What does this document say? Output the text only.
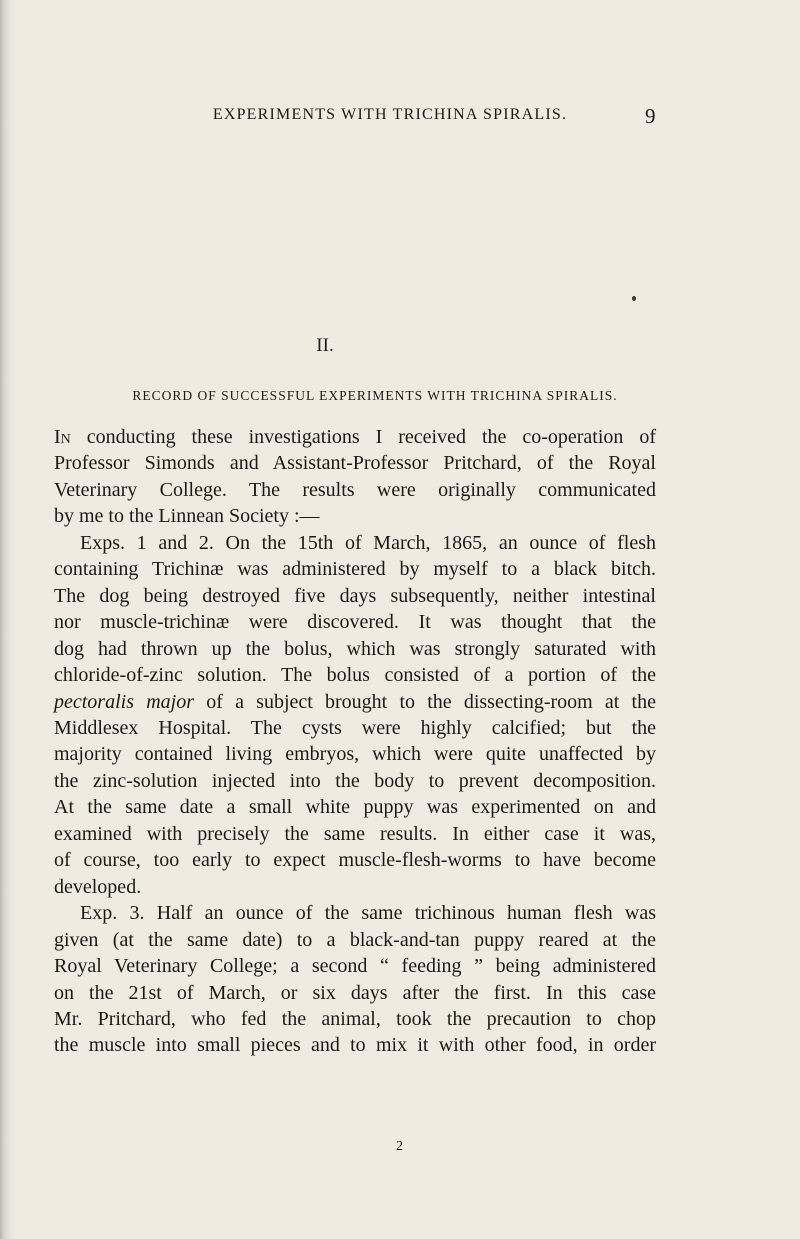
EXPERIMENTS WITH TRICHINA SPIRALIS.	9
II.
RECORD OF SUCCESSFUL EXPERIMENTS WITH TRICHINA SPIRALIS.
In conducting these investigations I received the co-operation of
Professor Simonds and Assistant-Professor Pritchard, of the Royal
Veterinary College. The results were originally communicated
by me to the Linnean Society :—
Exps. 1 and 2. On the 15th of March, 1865, an ounce of flesh
containing Trichinæ was administered by myself to a black bitch.
The dog being destroyed five days subsequently, neither intestinal
nor muscle-trichinæ were discovered. It was thought that the
dog had thrown up the bolus, which was strongly saturated with
chloride-of-zinc solution. The bolus consisted of a portion of the
pectoralis major of a subject brought to the dissecting-room at the
Middlesex Hospital. The cysts were highly calcified; but the
majority contained living embryos, which were quite unaffected by
the zinc-solution injected into the body to prevent decomposition.
At the same date a small white puppy was experimented on and
examined with precisely the same results. In either case it was,
of course, too early to expect muscle-flesh-worms to have become
developed.
Exp. 3. Half an ounce of the same trichinous human flesh was
given (at the same date) to a black-and-tan puppy reared at the
Royal Veterinary College; a second “ feeding ” being administered
on the 21st of March, or six days after the first. In this case
Mr. Pritchard, who fed the animal, took the precaution to chop
the muscle into small pieces and to mix it with other food, in order
2
